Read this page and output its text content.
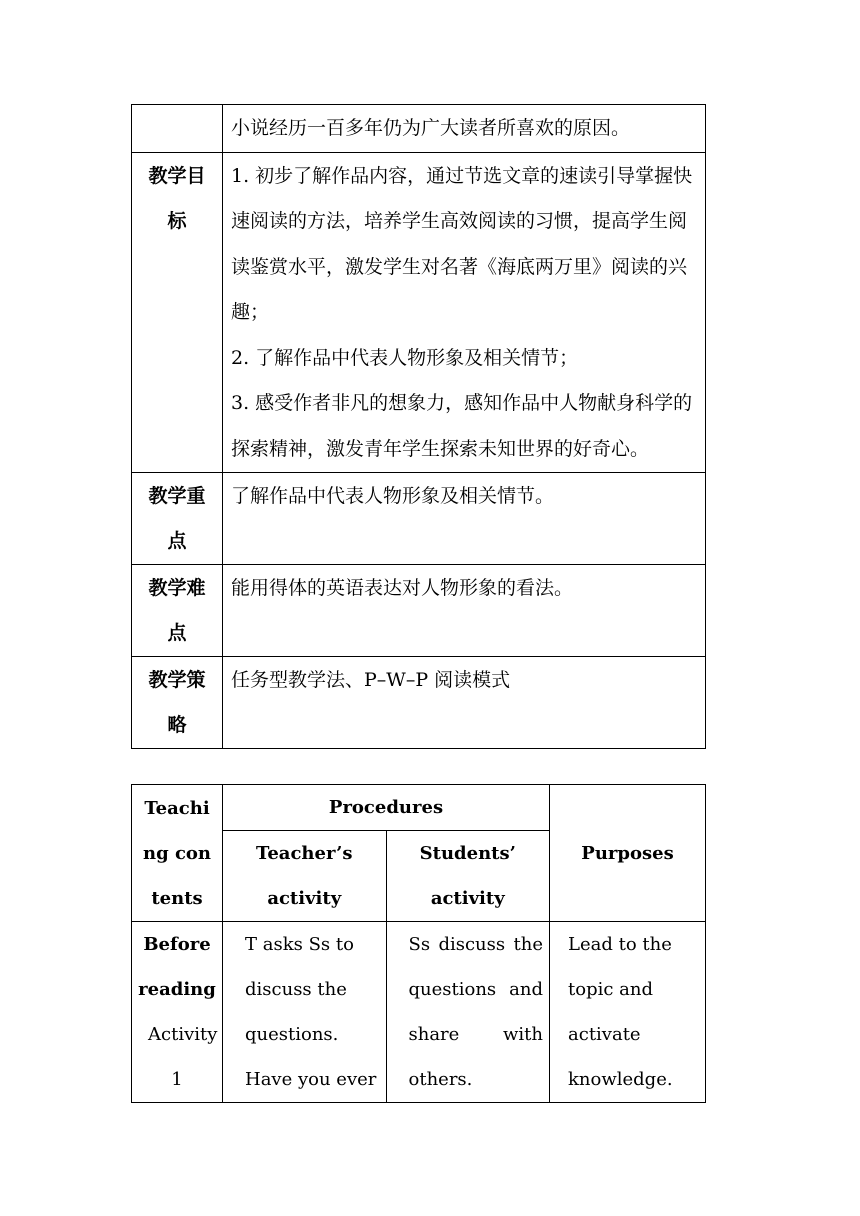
	小说经历一百多年仍为广大读者所喜欢的原因。
教学目标	1. 初步了解作品内容，通过节选文章的速读引导掌握快速阅读的方法，培养学生高效阅读的习惯，提高学生阅读鉴赏水平，激发学生对名著《海底两万里》阅读的兴趣；
2. 了解作品中代表人物形象及相关情节；
3. 感受作者非凡的想象力，感知作品中人物献身科学的探索精神，激发青年学生探索未知世界的好奇心。

教学重点	了解作品中代表人物形象及相关情节。
教学难点	能用得体的英语表达对人物形象的看法。
教学策略	任务型教学法、P–W–P 阅读模式
Teaching contents	Procedures		Purposes
	Teacher’s activity	Students’ activity	

Before reading
Activity 1	T asks Ss to
discuss the
questions.
Have you ever	Ss discuss the
questions and
share with
others.	Lead to the
topic and
activate
knowledge.
